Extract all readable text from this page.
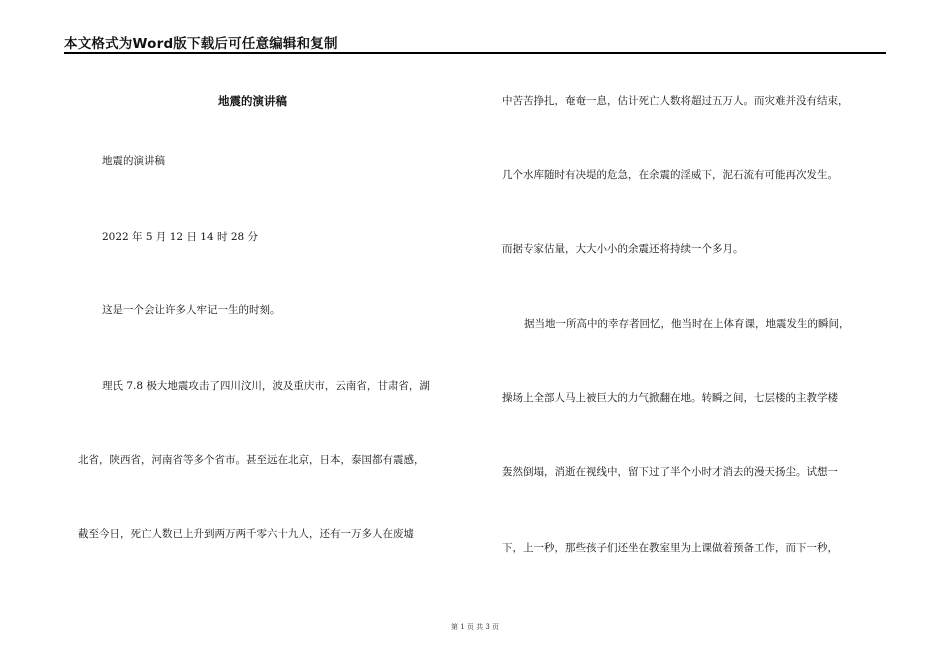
本文格式为Word版下载后可任意编辑和复制
地震的演讲稿
地震的演讲稿
2022 年 5 月 12 日 14 时 28 分
这是一个会让许多人牢记一生的时刻。
理氏 7.8 极大地震攻击了四川汶川，波及重庆市，云南省，甘肃省，湖
北省，陕西省，河南省等多个省市。甚至远在北京，日本，泰国都有震感，
截至今日，死亡人数已上升到两万两千零六十九人，还有一万多人在废墟
中苦苦挣扎，奄奄一息，估计死亡人数将超过五万人。而灾难并没有结束，
几个水库随时有决堤的危急，在余震的淫威下，泥石流有可能再次发生。
而据专家估量，大大小小的余震还将持续一个多月。
据当地一所高中的幸存者回忆，他当时在上体育课，地震发生的瞬间，
操场上全部人马上被巨大的力气掀翻在地。转瞬之间，七层楼的主教学楼
轰然倒塌，消逝在视线中，留下过了半个小时才消去的漫天扬尘。试想一
下，上一秒，那些孩子们还坐在教室里为上课做着预备工作，而下一秒，
第 1 页 共 3 页
